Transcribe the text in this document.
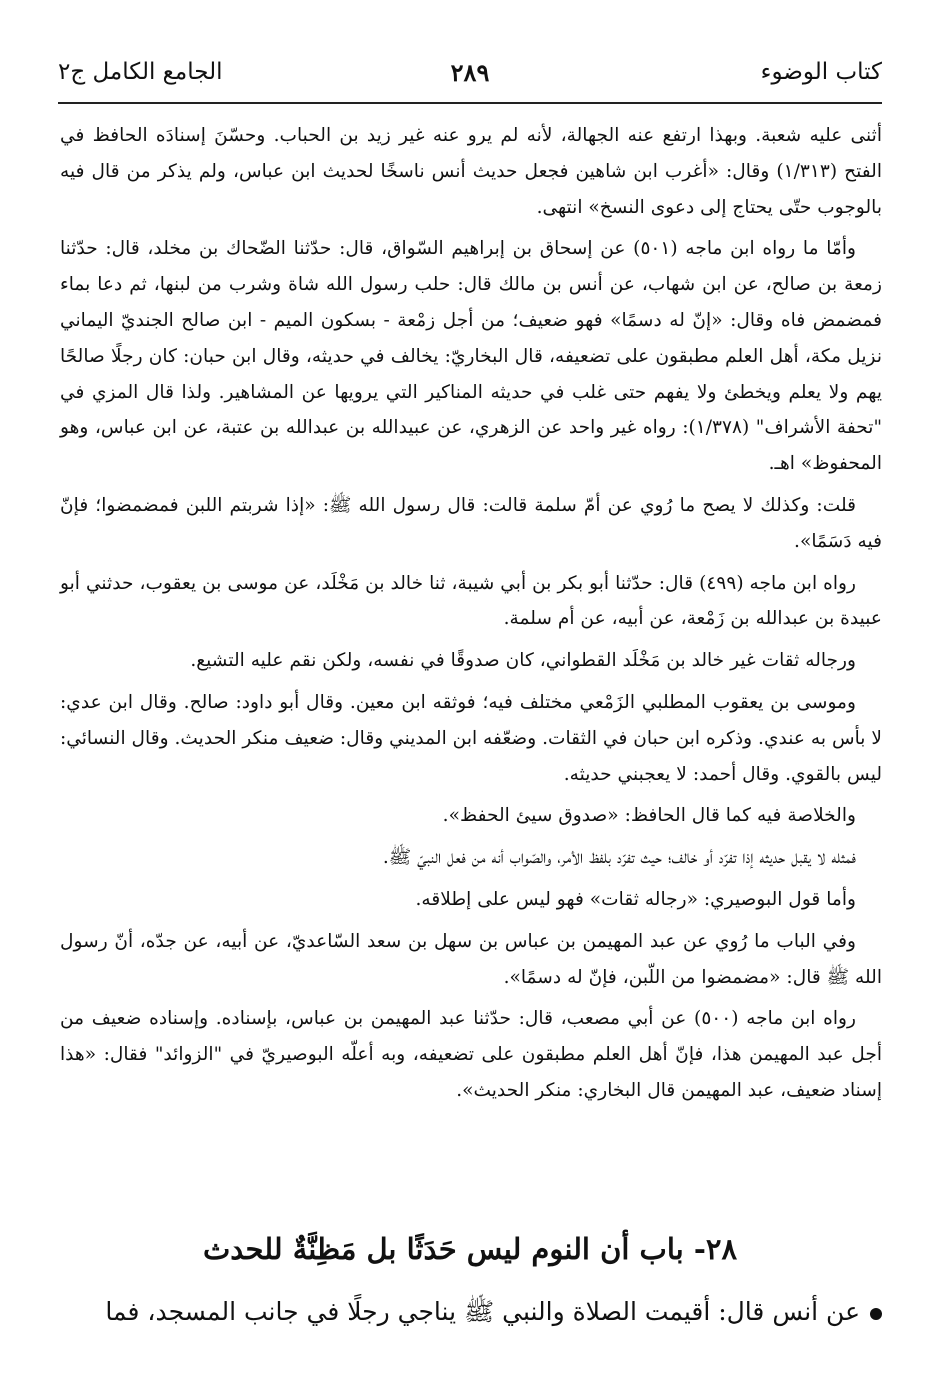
كتاب الوضوء
٢٨٩
الجامع الكامل ج٢

أثنى عليه شعبة. وبهذا ارتفع عنه الجهالة، لأنه لم يرو عنه غير زيد بن الحباب. وحسّنَ إسنادَه الحافظ في الفتح (١/٣١٣) وقال: «أغرب ابن شاهين فجعل حديث أنس ناسخًا لحديث ابن عباس، ولم يذكر من قال فيه بالوجوب حتّى يحتاج إلى دعوى النسخ» انتهى.

وأمّا ما رواه ابن ماجه (٥٠١) عن إسحاق بن إبراهيم السّواق، قال: حدّثنا الضّحاك بن مخلد، قال: حدّثنا زمعة بن صالح، عن ابن شهاب، عن أنس بن مالك قال: حلب رسول الله شاة وشرب من لبنها، ثم دعا بماء فمضمض فاه وقال: «إنّ له دسمًا» فهو ضعيف؛ من أجل زمْعة - بسكون الميم - ابن صالح الجنديّ اليماني نزيل مكة، أهل العلم مطبقون على تضعيفه، قال البخاريّ: يخالف في حديثه، وقال ابن حبان: كان رجلًا صالحًا يهم ولا يعلم ويخطئ ولا يفهم حتى غلب في حديثه المناكير التي يرويها عن المشاهير. ولذا قال المزي في "تحفة الأشراف" (١/٣٧٨): رواه غير واحد عن الزهري، عن عبيدالله بن عبدالله بن عتبة، عن ابن عباس، وهو المحفوظ» اهـ.

قلت: وكذلك لا يصح ما رُوي عن أمّ سلمة قالت: قال رسول الله ﷺ: «إذا شربتم اللبن فمضمضوا؛ فإنّ فيه دَسَمًا».

رواه ابن ماجه (٤٩٩) قال: حدّثنا أبو بكر بن أبي شيبة، ثنا خالد بن مَخْلَد، عن موسى بن يعقوب، حدثني أبو عبيدة بن عبدالله بن زَمْعة، عن أبيه، عن أم سلمة.

ورجاله ثقات غير خالد بن مَخْلَد القطواني، كان صدوقًا في نفسه، ولكن نقم عليه التشيع.

وموسى بن يعقوب المطلبي الزَمْعي مختلف فيه؛ فوثقه ابن معين. وقال أبو داود: صالح. وقال ابن عدي: لا بأس به عندي. وذكره ابن حبان في الثقات. وضعّفه ابن المديني وقال: ضعيف منكر الحديث. وقال النسائي: ليس بالقوي. وقال أحمد: لا يعجبني حديثه.

والخلاصة فيه كما قال الحافظ: «صدوق سيئ الحفظ».

فمثله لا يقبل حديثه إذا تفرّد أو خالف؛ حيث تفرّد بلفظ الأمر، والصّواب أنه من فعل النبيّ ﷺ.

وأما قول البوصيري: «رجاله ثقات» فهو ليس على إطلاقه.

وفي الباب ما رُوي عن عبد المهيمن بن عباس بن سهل بن سعد السّاعديّ، عن أبيه، عن جدّه، أنّ رسول الله ﷺ قال: «مضمضوا من اللّبن، فإنّ له دسمًا».

رواه ابن ماجه (٥٠٠) عن أبي مصعب، قال: حدّثنا عبد المهيمن بن عباس، بإسناده. وإسناده ضعيف من أجل عبد المهيمن هذا، فإنّ أهل العلم مطبقون على تضعيفه، وبه أعلّه البوصيريّ في "الزوائد" فقال: «هذا إسناد ضعيف، عبد المهيمن قال البخاري: منكر الحديث».

٢٨- باب أن النوم ليس حَدَثًا بل مَظِنَّةٌ للحدث
عن أنس قال: أقيمت الصلاة والنبي ﷺ يناجي رجلًا في جانب المسجد، فما
